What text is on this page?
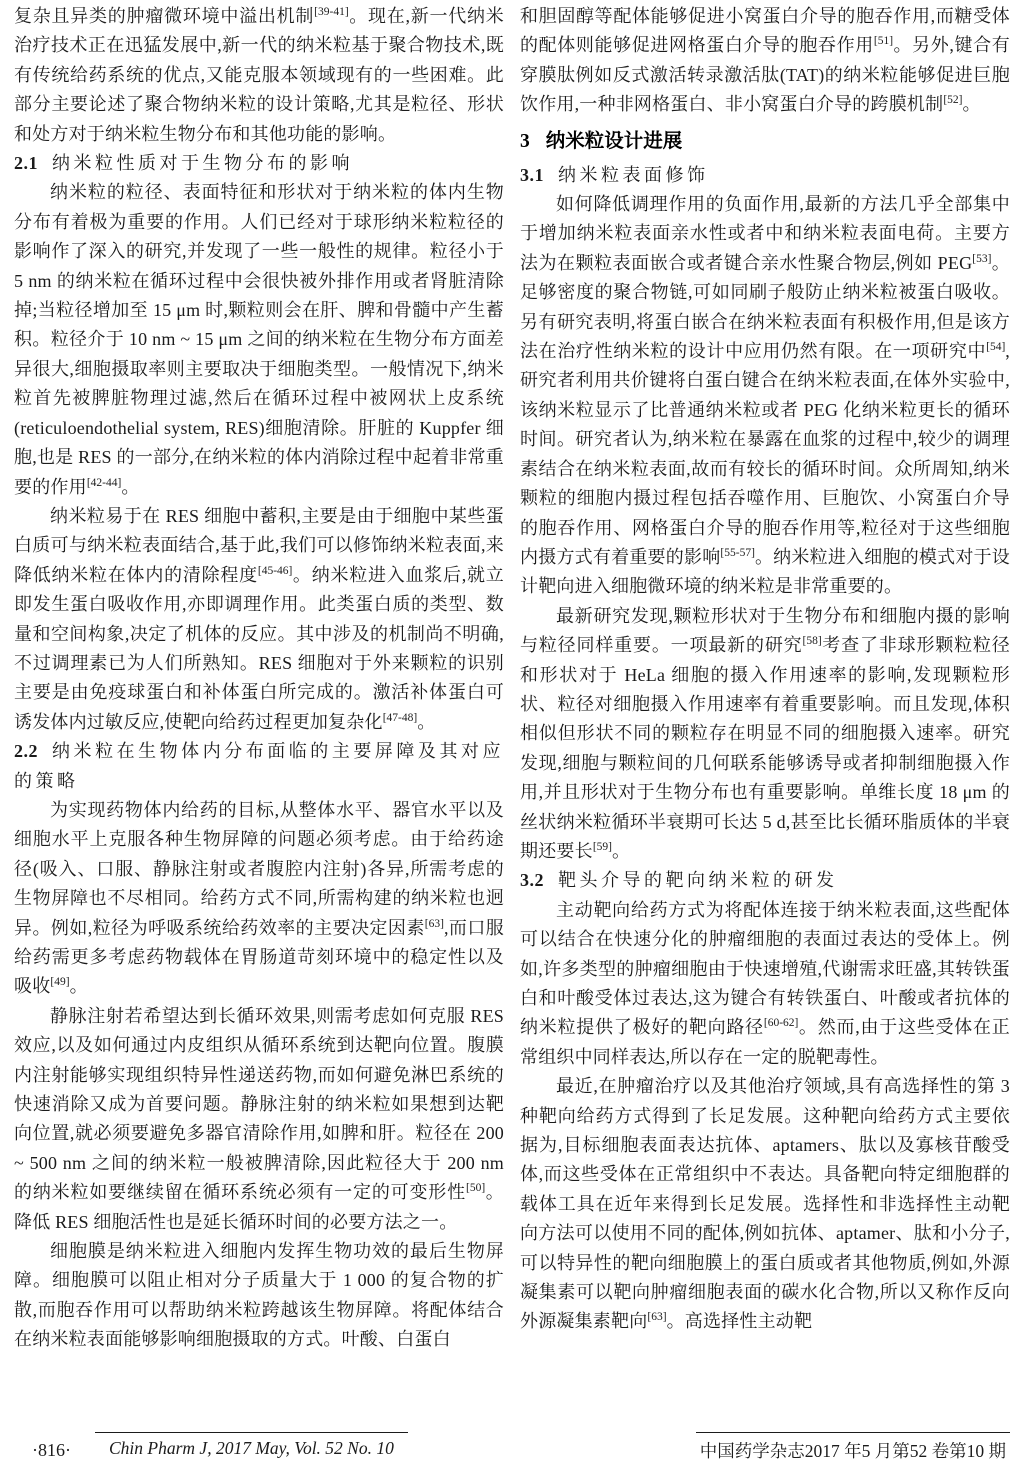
复杂且异类的肿瘤微环境中溢出机制[39-41]。现在,新一代纳米治疗技术正在迅猛发展中,新一代的纳米粒基于聚合物技术,既有传统给药系统的优点,又能克服本领域现有的一些困难。此部分主要论述了聚合物纳米粒的设计策略,尤其是粒径、形状和处方对于纳米粒生物分布和其他功能的影响。

2.1 纳米粒性质对于生物分布的影响

纳米粒的粒径、表面特征和形状对于纳米粒的体内生物分布有着极为重要的作用。人们已经对于球形纳米粒粒径的影响作了深入的研究,并发现了一些一般性的规律。粒径小于 5 nm 的纳米粒在循环过程中会很快被外排作用或者肾脏清除掉;当粒径增加至 15 μm 时,颗粒则会在肝、脾和骨髓中产生蓄积。粒径介于 10 nm ~ 15 μm 之间的纳米粒在生物分布方面差异很大,细胞摄取率则主要取决于细胞类型。一般情况下,纳米粒首先被脾脏物理过滤,然后在循环过程中被网状上皮系统(reticuloendothelial system, RES)细胞清除。肝脏的 Kuppfer 细胞,也是 RES 的一部分,在纳米粒的体内消除过程中起着非常重要的作用[42-44]。

纳米粒易于在 RES 细胞中蓄积,主要是由于细胞中某些蛋白质可与纳米粒表面结合,基于此,我们可以修饰纳米粒表面,来降低纳米粒在体内的清除程度[45-46]。纳米粒进入血浆后,就立即发生蛋白吸收作用,亦即调理作用。此类蛋白质的类型、数量和空间构象,决定了机体的反应。其中涉及的机制尚不明确,不过调理素已为人们所熟知。RES 细胞对于外来颗粒的识别主要是由免疫球蛋白和补体蛋白所完成的。激活补体蛋白可诱发体内过敏反应,使靶向给药过程更加复杂化[47-48]。

2.2 纳米粒在生物体内分布面临的主要屏障及其对应的策略

为实现药物体内给药的目标,从整体水平、器官水平以及细胞水平上克服各种生物屏障的问题必须考虑。由于给药途径(吸入、口服、静脉注射或者腹腔内注射)各异,所需考虑的生物屏障也不尽相同。给药方式不同,所需构建的纳米粒也迥异。例如,粒径为呼吸系统给药效率的主要决定因素[63],而口服给药需更多考虑药物载体在胃肠道苛刻环境中的稳定性以及吸收[49]。

静脉注射若希望达到长循环效果,则需考虑如何克服 RES 效应,以及如何通过内皮组织从循环系统到达靶向位置。腹膜内注射能够实现组织特异性递送药物,而如何避免淋巴系统的快速消除又成为首要问题。静脉注射的纳米粒如果想到达靶向位置,就必须要避免多器官清除作用,如脾和肝。粒径在 200 ~ 500 nm 之间的纳米粒一般被脾清除,因此粒径大于 200 nm 的纳米粒如要继续留在循环系统必须有一定的可变形性[50]。降低 RES 细胞活性也是延长循环时间的必要方法之一。

细胞膜是纳米粒进入细胞内发挥生物功效的最后生物屏障。细胞膜可以阻止相对分子质量大于 1 000 的复合物的扩散,而胞吞作用可以帮助纳米粒跨越该生物屏障。将配体结合在纳米粒表面能够影响细胞摄取的方式。叶酸、白蛋白

和胆固醇等配体能够促进小窝蛋白介导的胞吞作用,而糖受体的配体则能够促进网格蛋白介导的胞吞作用[51]。另外,键合有穿膜肽例如反式激活转录激活肽(TAT)的纳米粒能够促进巨胞饮作用,一种非网格蛋白、非小窝蛋白介导的跨膜机制[52]。

3 纳米粒设计进展
3.1 纳米粒表面修饰

如何降低调理作用的负面作用,最新的方法几乎全部集中于增加纳米粒表面亲水性或者中和纳米粒表面电荷。主要方法为在颗粒表面嵌合或者键合亲水性聚合物层,例如 PEG[53]。足够密度的聚合物链,可如同刷子般防止纳米粒被蛋白吸收。另有研究表明,将蛋白嵌合在纳米粒表面有积极作用,但是该方法在治疗性纳米粒的设计中应用仍然有限。在一项研究中[54],研究者利用共价键将白蛋白键合在纳米粒表面,在体外实验中,该纳米粒显示了比普通纳米粒或者 PEG 化纳米粒更长的循环时间。研究者认为,纳米粒在暴露在血浆的过程中,较少的调理素结合在纳米粒表面,故而有较长的循环时间。众所周知,纳米颗粒的细胞内摄过程包括吞噬作用、巨胞饮、小窝蛋白介导的胞吞作用、网格蛋白介导的胞吞作用等,粒径对于这些细胞内摄方式有着重要的影响[55-57]。纳米粒进入细胞的模式对于设计靶向进入细胞微环境的纳米粒是非常重要的。

最新研究发现,颗粒形状对于生物分布和细胞内摄的影响与粒径同样重要。一项最新的研究[58]考查了非球形颗粒粒径和形状对于 HeLa 细胞的摄入作用速率的影响,发现颗粒形状、粒径对细胞摄入作用速率有着重要影响。而且发现,体积相似但形状不同的颗粒存在明显不同的细胞摄入速率。研究发现,细胞与颗粒间的几何联系能够诱导或者抑制细胞摄入作用,并且形状对于生物分布也有重要影响。单维长度 18 μm 的丝状纳米粒循环半衰期可长达 5 d,甚至比长循环脂质体的半衰期还要长[59]。

3.2 靶头介导的靶向纳米粒的研发

主动靶向给药方式为将配体连接于纳米粒表面,这些配体可以结合在快速分化的肿瘤细胞的表面过表达的受体上。例如,许多类型的肿瘤细胞由于快速增殖,代谢需求旺盛,其转铁蛋白和叶酸受体过表达,这为键合有转铁蛋白、叶酸或者抗体的纳米粒提供了极好的靶向路径[60-62]。然而,由于这些受体在正常组织中同样表达,所以存在一定的脱靶毒性。

最近,在肿瘤治疗以及其他治疗领域,具有高选择性的第 3 种靶向给药方式得到了长足发展。这种靶向给药方式主要依据为,目标细胞表面表达抗体、aptamers、肽以及寡核苷酸受体,而这些受体在正常组织中不表达。具备靶向特定细胞群的载体工具在近年来得到长足发展。选择性和非选择性主动靶向方法可以使用不同的配体,例如抗体、aptamer、肽和小分子,可以特异性的靶向细胞膜上的蛋白质或者其他物质,例如,外源凝集素可以靶向肿瘤细胞表面的碳水化合物,所以又称作反向外源凝集素靶向[63]。高选择性主动靶

·816·	Chin Pharm J, 2017 May, Vol. 52 No. 10	中国药学杂志2017 年5 月第52 卷第10 期
